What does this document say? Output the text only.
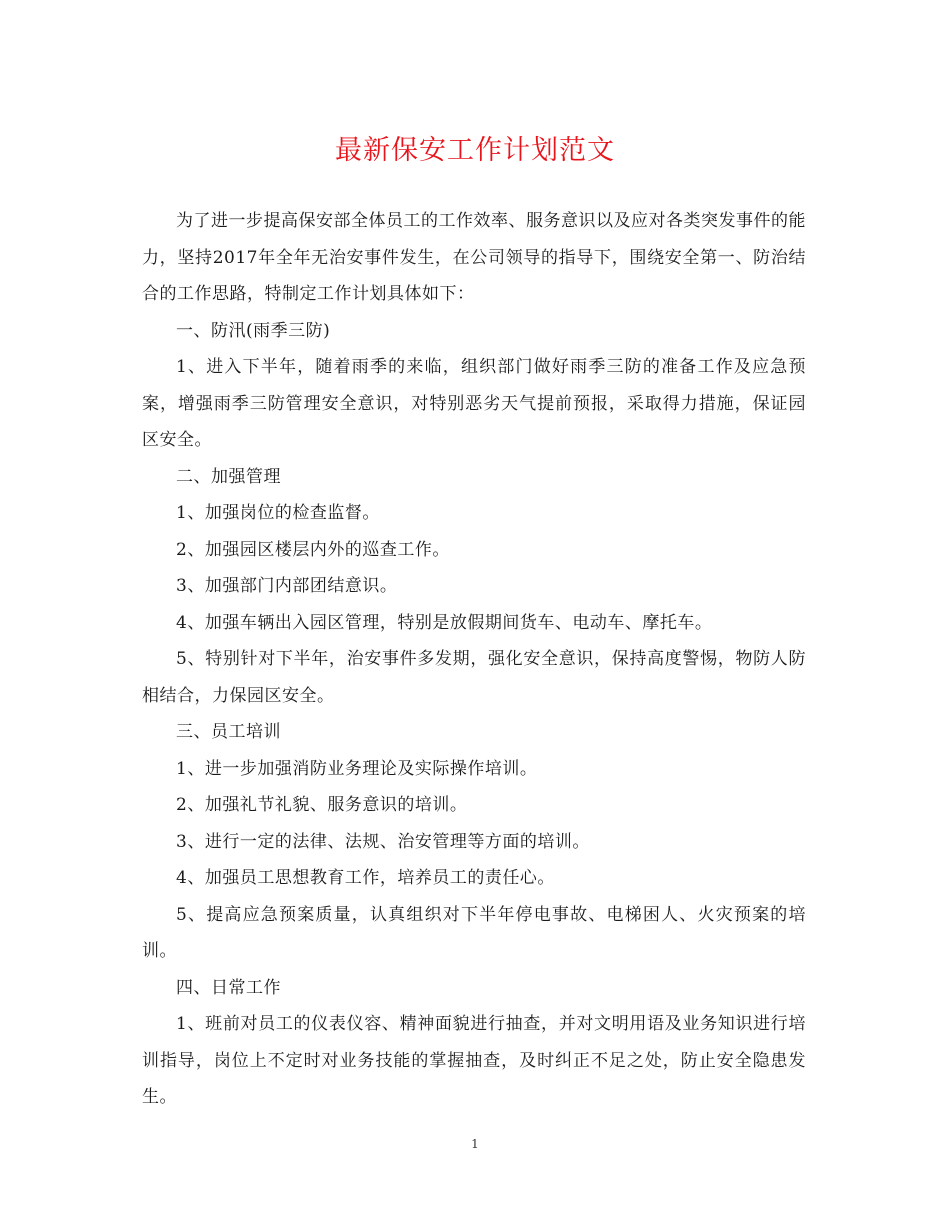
最新保安工作计划范文

为了进一步提高保安部全体员工的工作效率、服务意识以及应对各类突发事件的能力，坚持2017年全年无治安事件发生，在公司领导的指导下，围绕安全第一、防治结合的工作思路，特制定工作计划具体如下：

一、防汛(雨季三防)

1、进入下半年，随着雨季的来临，组织部门做好雨季三防的准备工作及应急预案，增强雨季三防管理安全意识，对特别恶劣天气提前预报，采取得力措施，保证园区安全。

二、加强管理

1、加强岗位的检查监督。

2、加强园区楼层内外的巡查工作。

3、加强部门内部团结意识。

4、加强车辆出入园区管理，特别是放假期间货车、电动车、摩托车。

5、特别针对下半年，治安事件多发期，强化安全意识，保持高度警惕，物防人防相结合，力保园区安全。

三、员工培训

1、进一步加强消防业务理论及实际操作培训。

2、加强礼节礼貌、服务意识的培训。

3、进行一定的法律、法规、治安管理等方面的培训。

4、加强员工思想教育工作，培养员工的责任心。

5、提高应急预案质量，认真组织对下半年停电事故、电梯困人、火灾预案的培训。

四、日常工作

1、班前对员工的仪表仪容、精神面貌进行抽查，并对文明用语及业务知识进行培训指导，岗位上不定时对业务技能的掌握抽查，及时纠正不足之处，防止安全隐患发生。

1
